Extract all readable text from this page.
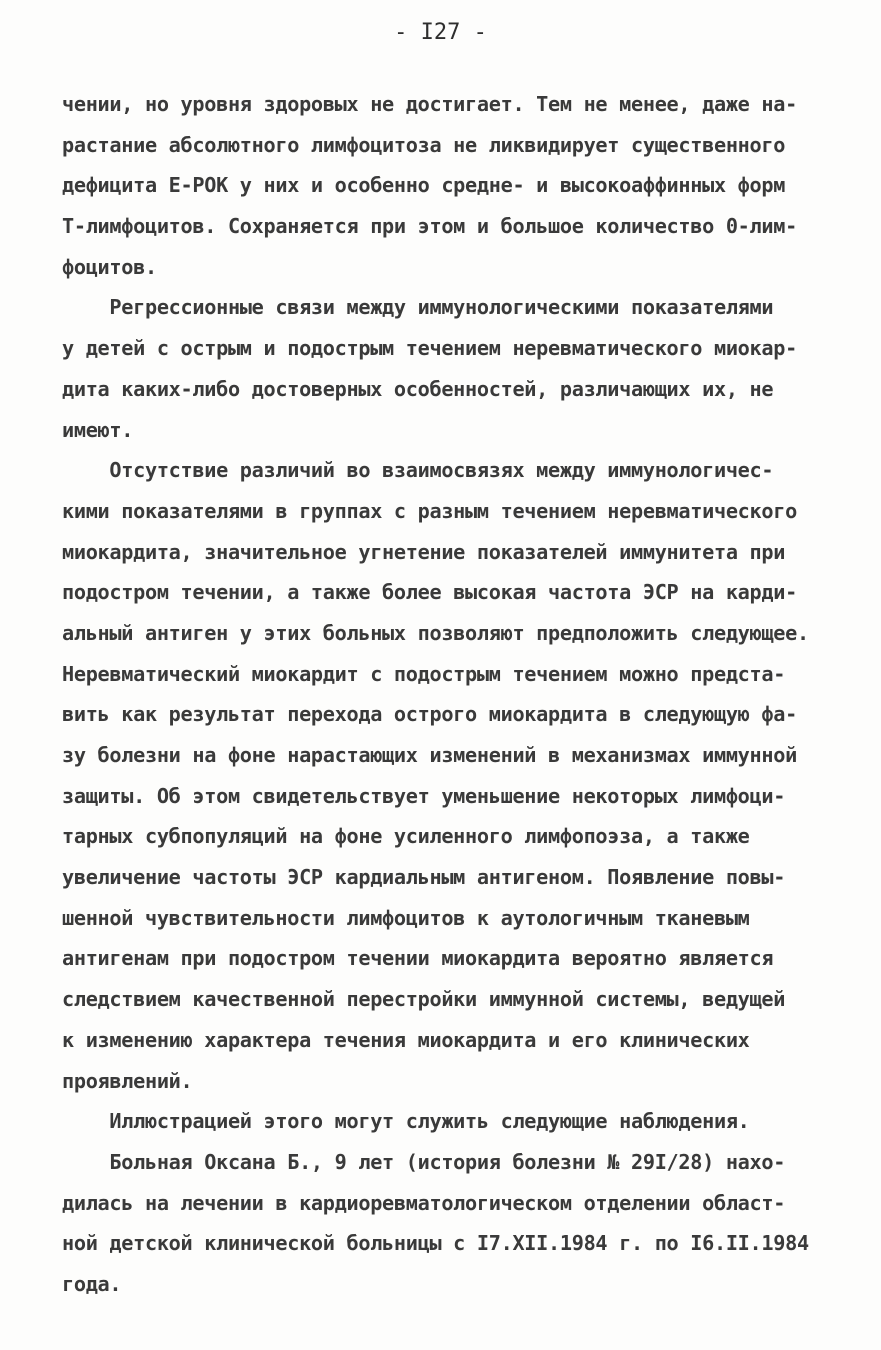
- I27 -
чении, но уровня здоровых не достигает. Тем не менее, даже на-
растание абсолютного лимфоцитоза не ликвидирует существенного
дефицита Е-РОК у них и особенно средне- и высокоаффинных форм
Т-лимфоцитов. Сохраняется при этом и большое количество 0-лим-
фоцитов.
Регрессионные связи между иммунологическими показателями
у детей с острым и подострым течением неревматического миокар-
дита каких-либо достоверных особенностей, различающих их, не
имеют.
Отсутствие различий во взаимосвязях между иммунологичес-
кими показателями в группах с разным течением неревматического
миокардита, значительное угнетение показателей иммунитета при
подостром течении, а также более высокая частота ЭСР на карди-
альный антиген у этих больных позволяют предположить следующее.
Неревматический миокардит с подострым течением можно предста-
вить как результат перехода острого миокардита в следующую фа-
зу болезни на фоне нарастающих изменений в механизмах иммунной
защиты. Об этом свидетельствует уменьшение некоторых лимфоци-
тарных субпопуляций на фоне усиленного лимфопоэза, а также
увеличение частоты ЭСР кардиальным антигеном. Появление повы-
шенной чувствительности лимфоцитов к аутологичным тканевым
антигенам при подостром течении миокардита вероятно является
следствием качественной перестройки иммунной системы, ведущей
к изменению характера течения миокардита и его клинических
проявлений.
Иллюстрацией этого могут служить следующие наблюдения.
Больная Оксана Б., 9 лет (история болезни № 29I/28) нахо-
дилась на лечении в кардиоревматологическом отделении област-
ной детской клинической больницы с I7.XII.1984 г. по I6.II.1984
года.
